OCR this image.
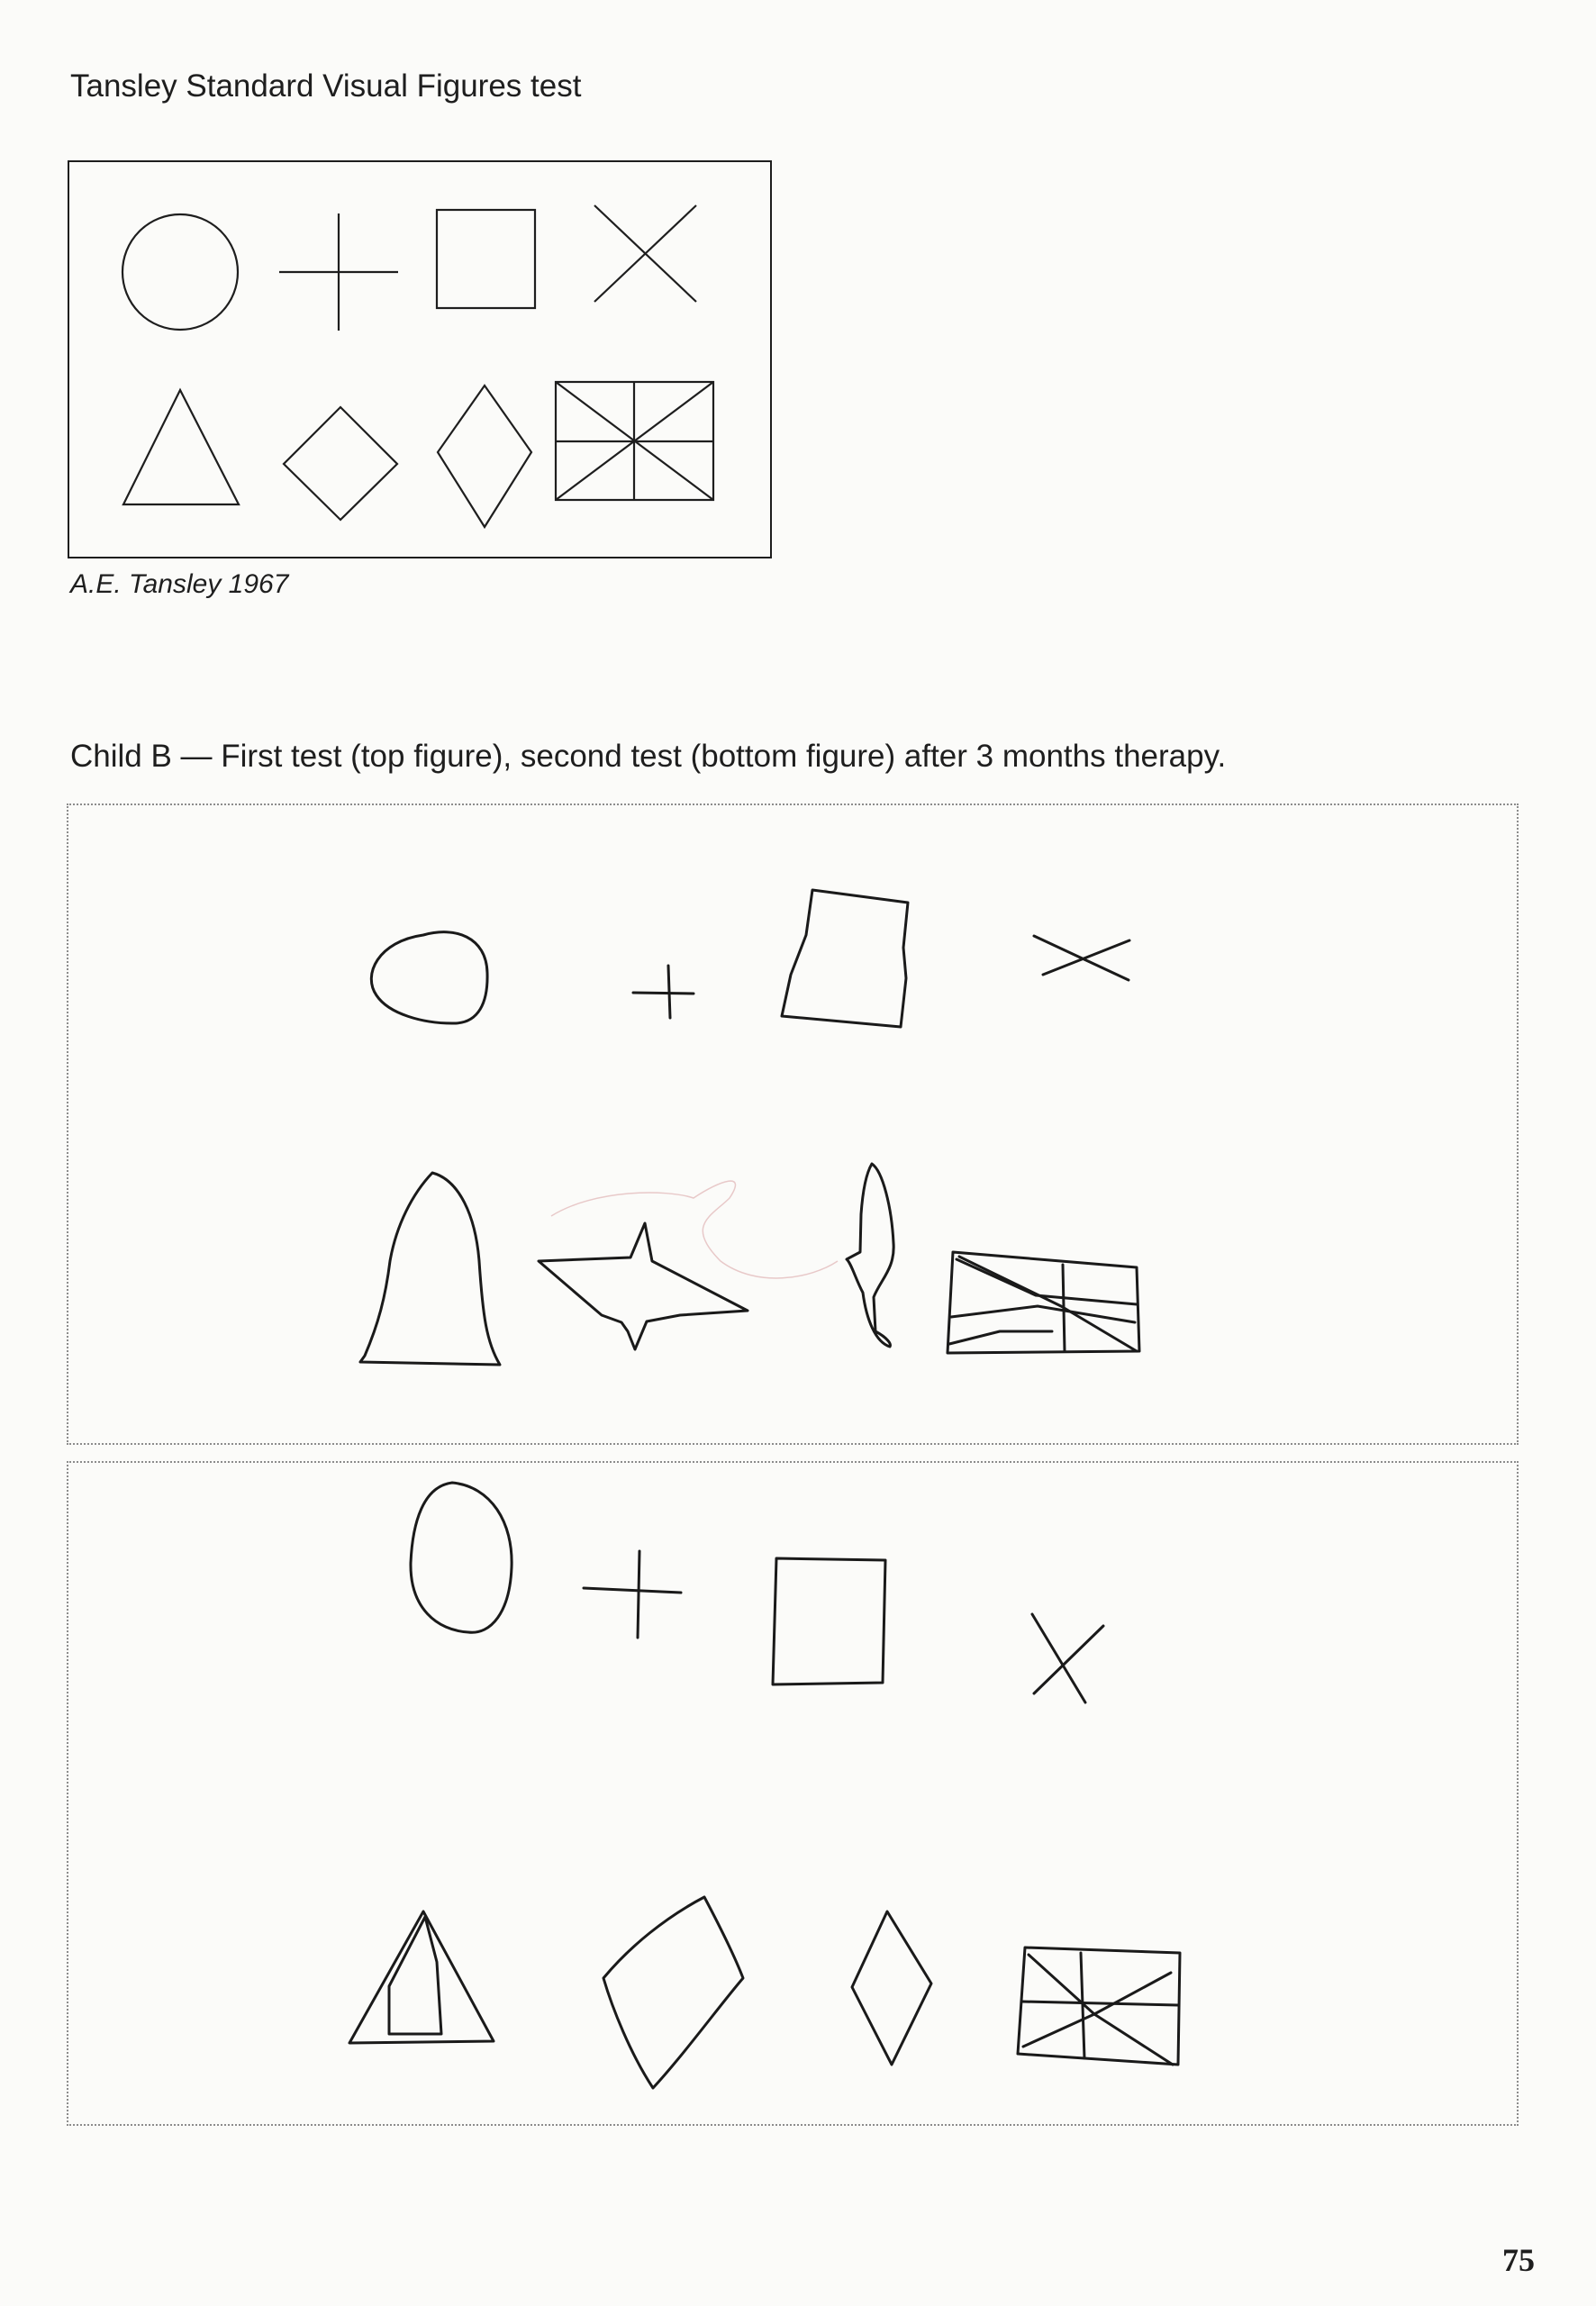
Tansley Standard Visual Figures test
A.E. Tansley 1967
Child B — First test (top figure), second test (bottom figure) after 3 months therapy.
75
